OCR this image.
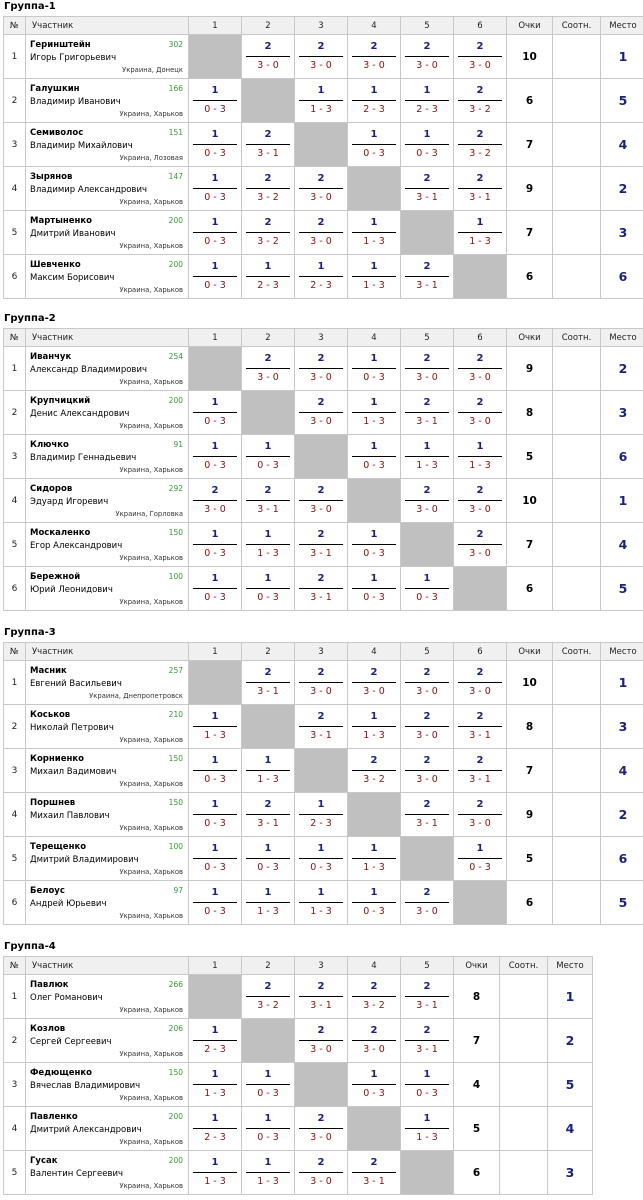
Группа-1
№	Участник	1	2	3	4	5	6	Очки	Соотн.	Место
1	Геринштейн
Игорь Григорьевич
302
Украина, Донецк		$\frac{2}{3 - 0}$	$\frac{2}{3 - 0}$	$\frac{2}{3 - 0}$	$\frac{2}{3 - 0}$	$\frac{2}{3 - 0}$	10		1
2	Галушкин
Владимир Иванович
166
Украина, Харьков	$\frac{1}{0 - 3}$		$\frac{1}{1 - 3}$	$\frac{1}{2 - 3}$	$\frac{1}{2 - 3}$	$\frac{2}{3 - 2}$	6		5
3	Семиволос
Владимир Михайлович
151
Украина, Лозовая	$\frac{1}{0 - 3}$	$\frac{2}{3 - 1}$		$\frac{1}{0 - 3}$	$\frac{1}{0 - 3}$	$\frac{2}{3 - 2}$	7		4
4	Зырянов
Владимир Александрович
147
Украина, Харьков	$\frac{1}{0 - 3}$	$\frac{2}{3 - 2}$	$\frac{2}{3 - 0}$		$\frac{2}{3 - 1}$	$\frac{2}{3 - 1}$	9		2
5	Мартыненко
Дмитрий Иванович
200
Украина, Харьков	$\frac{1}{0 - 3}$	$\frac{2}{3 - 2}$	$\frac{2}{3 - 0}$	$\frac{1}{1 - 3}$		$\frac{1}{1 - 3}$	7		3
6	Шевченко
Максим Борисович
200
Украина, Харьков	$\frac{1}{0 - 3}$	$\frac{1}{2 - 3}$	$\frac{1}{2 - 3}$	$\frac{1}{1 - 3}$	$\frac{2}{3 - 1}$		6		6
Группа-2
№	Участник	1	2	3	4	5	6	Очки	Соотн.	Место
1	Иванчук
Александр Владимирович
254
Украина, Харьков		$\frac{2}{3 - 0}$	$\frac{2}{3 - 0}$	$\frac{1}{0 - 3}$	$\frac{2}{3 - 0}$	$\frac{2}{3 - 0}$	9		2
2	Крупчицкий
Денис Александрович
200
Украина, Харьков	$\frac{1}{0 - 3}$		$\frac{2}{3 - 0}$	$\frac{1}{1 - 3}$	$\frac{2}{3 - 1}$	$\frac{2}{3 - 0}$	8		3
3	Ключко
Владимир Геннадьевич
91
Украина, Харьков	$\frac{1}{0 - 3}$	$\frac{1}{0 - 3}$		$\frac{1}{0 - 3}$	$\frac{1}{1 - 3}$	$\frac{1}{1 - 3}$	5		6
4	Сидоров
Эдуард Игоревич
292
Украина, Горловка	$\frac{2}{3 - 0}$	$\frac{2}{3 - 1}$	$\frac{2}{3 - 0}$		$\frac{2}{3 - 0}$	$\frac{2}{3 - 0}$	10		1
5	Москаленко
Егор Александрович
150
Украина, Харьков	$\frac{1}{0 - 3}$	$\frac{1}{1 - 3}$	$\frac{2}{3 - 1}$	$\frac{1}{0 - 3}$		$\frac{2}{3 - 0}$	7		4
6	Бережной
Юрий Леонидович
100
Украина, Харьков	$\frac{1}{0 - 3}$	$\frac{1}{0 - 3}$	$\frac{2}{3 - 1}$	$\frac{1}{0 - 3}$	$\frac{1}{0 - 3}$		6		5
Группа-3
№	Участник	1	2	3	4	5	6	Очки	Соотн.	Место
1	Масник
Евгений Васильевич
257
Украина, Днепропетровск		$\frac{2}{3 - 1}$	$\frac{2}{3 - 0}$	$\frac{2}{3 - 0}$	$\frac{2}{3 - 0}$	$\frac{2}{3 - 0}$	10		1
2	Коськов
Николай Петрович
210
Украина, Харьков	$\frac{1}{1 - 3}$		$\frac{2}{3 - 1}$	$\frac{1}{1 - 3}$	$\frac{2}{3 - 0}$	$\frac{2}{3 - 1}$	8		3
3	Корниенко
Михаил Вадимович
150
Украина, Харьков	$\frac{1}{0 - 3}$	$\frac{1}{1 - 3}$		$\frac{2}{3 - 2}$	$\frac{2}{3 - 0}$	$\frac{2}{3 - 1}$	7		4
4	Поршнев
Михаил Павлович
150
Украина, Харьков	$\frac{1}{0 - 3}$	$\frac{2}{3 - 1}$	$\frac{1}{2 - 3}$		$\frac{2}{3 - 1}$	$\frac{2}{3 - 0}$	9		2
5	Терещенко
Дмитрий Владимирович
100
Украина, Харьков	$\frac{1}{0 - 3}$	$\frac{1}{0 - 3}$	$\frac{1}{0 - 3}$	$\frac{1}{1 - 3}$		$\frac{1}{0 - 3}$	5		6
6	Белоус
Андрей Юрьевич
97
Украина, Харьков	$\frac{1}{0 - 3}$	$\frac{1}{1 - 3}$	$\frac{1}{1 - 3}$	$\frac{1}{0 - 3}$	$\frac{2}{3 - 0}$		6		5
Группа-4
№	Участник	1	2	3	4	5	Очки	Соотн.	Место
1	Павлюк
Олег Романович
266
Украина, Харьков		$\frac{2}{3 - 2}$	$\frac{2}{3 - 1}$	$\frac{2}{3 - 2}$	$\frac{2}{3 - 1}$	8		1
2	Козлов
Сергей Сергеевич
206
Украина, Харьков	$\frac{1}{2 - 3}$		$\frac{2}{3 - 0}$	$\frac{2}{3 - 0}$	$\frac{2}{3 - 1}$	7		2
3	Федющенко
Вячеслав Владимирович
150
Украина, Харьков	$\frac{1}{1 - 3}$	$\frac{1}{0 - 3}$		$\frac{1}{0 - 3}$	$\frac{1}{0 - 3}$	4		5
4	Павленко
Дмитрий Александрович
200
Украина, Харьков	$\frac{1}{2 - 3}$	$\frac{1}{0 - 3}$	$\frac{2}{3 - 0}$		$\frac{1}{1 - 3}$	5		4
5	Гусак
Валентин Сергеевич
200
Украина, Харьков	$\frac{1}{1 - 3}$	$\frac{1}{1 - 3}$	$\frac{2}{3 - 0}$	$\frac{2}{3 - 1}$		6		3
